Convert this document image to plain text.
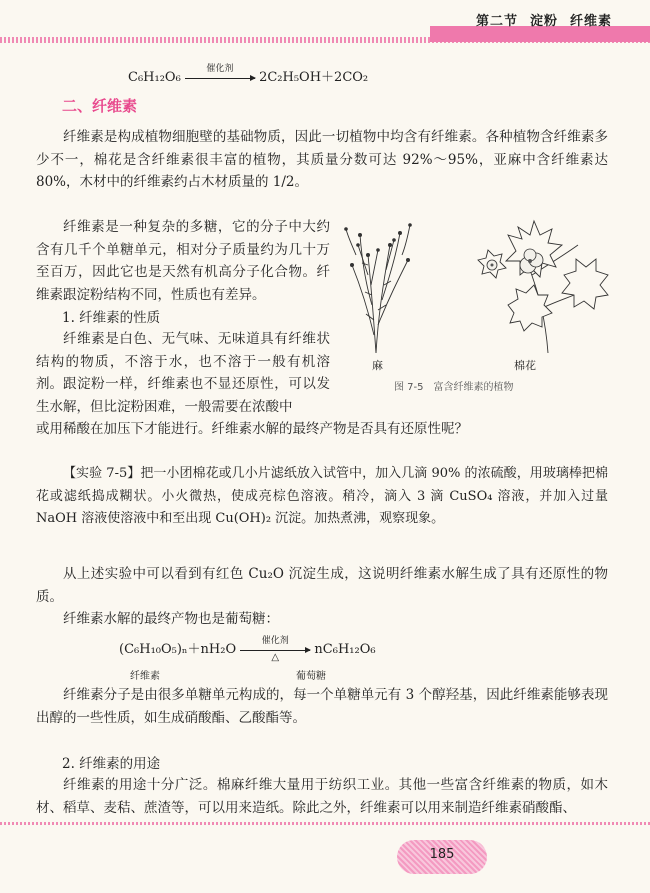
第二节 淀粉 纤维素
C₆H₁₂O₆
催化剂
2C₂H₅OH＋2CO₂
二、纤维素
纤维素是构成植物细胞壁的基础物质，因此一切植物中均含有纤维素。各种植物含纤维素多少不一，棉花是含纤维素很丰富的植物，其质量分数可达 92%～95%，亚麻中含纤维素达 80%，木材中的纤维素约占木材质量的 1/2。
纤维素是一种复杂的多糖，它的分子中大约含有几千个单糖单元，相对分子质量约为几十万至百万，因此它也是天然有机高分子化合物。纤维素跟淀粉结构不同，性质也有差异。
1. 纤维素的性质
纤维素是白色、无气味、无味道具有纤维状结构的物质，不溶于水，也不溶于一般有机溶剂。 跟淀粉一样，纤维素也不显还原性，可以发生水解，但比淀粉困难，一般需要在浓酸中
或用稀酸在加压下才能进行。纤维素水解的最终产物是否具有还原性呢？
【实验 7-5】把一小团棉花或几小片滤纸放入试管中，加入几滴 90% 的浓硫酸，用玻璃棒把棉花或滤纸捣成糊状。小火微热，使成亮棕色溶液。稍冷，滴入 3 滴 CuSO₄ 溶液，并加入过量 NaOH 溶液使溶液中和至出现 Cu(OH)₂ 沉淀。加热煮沸，观察现象。
从上述实验中可以看到有红色 Cu₂O 沉淀生成，这说明纤维素水解生成了具有还原性的物质。
纤维素水解的最终产物也是葡萄糖：
(C₆H₁₀O₅)ₙ＋nH₂O
催化剂
△
nC₆H₁₂O₆
纤维素	葡萄糖
纤维素分子是由很多单糖单元构成的，每一个单糖单元有 3 个醇羟基，因此纤维素能够表现出醇的一些性质，如生成硝酸酯、乙酸酯等。
2. 纤维素的用途
纤维素的用途十分广泛。棉麻纤维大量用于纺织工业。其他一些富含纤维素的物质，如木材、稻草、麦秸、蔗渣等，可以用来造纸。除此之外，纤维素可以用来制造纤维素硝酸酯、
麻	棉花
图 7-5　富含纤维素的植物
185
